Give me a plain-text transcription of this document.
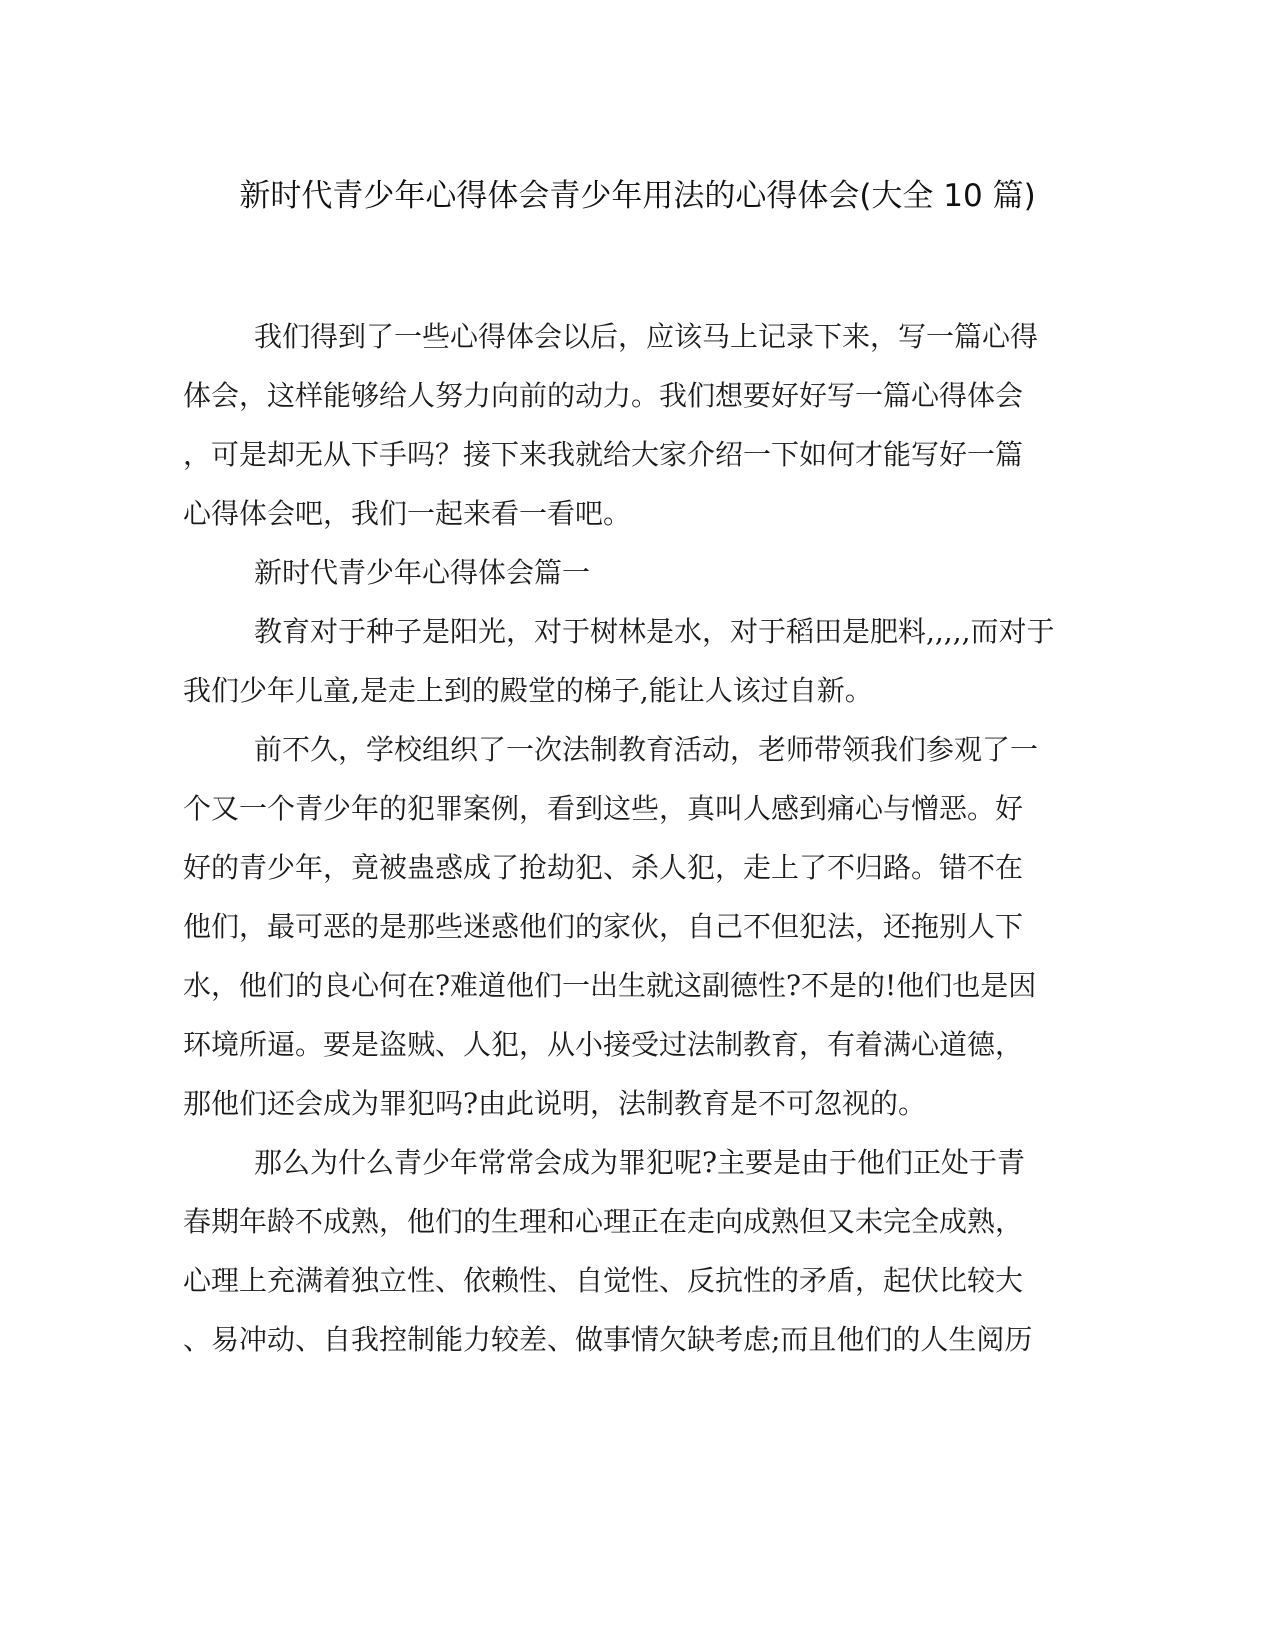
新时代青少年心得体会青少年用法的心得体会(大全 10 篇)
我们得到了一些心得体会以后，应该马上记录下来，写一篇心得
体会，这样能够给人努力向前的动力。我们想要好好写一篇心得体会
，可是却无从下手吗？接下来我就给大家介绍一下如何才能写好一篇
心得体会吧，我们一起来看一看吧。
新时代青少年心得体会篇一
教育对于种子是阳光，对于树林是水，对于稻田是肥料,,,,,而对于
我们少年儿童,是走上到的殿堂的梯子,能让人该过自新。
前不久，学校组织了一次法制教育活动，老师带领我们参观了一
个又一个青少年的犯罪案例，看到这些，真叫人感到痛心与憎恶。好
好的青少年，竟被蛊惑成了抢劫犯、杀人犯，走上了不归路。错不在
他们，最可恶的是那些迷惑他们的家伙，自己不但犯法，还拖别人下
水，他们的良心何在?难道他们一出生就这副德性?不是的!他们也是因
环境所逼。要是盗贼、人犯，从小接受过法制教育，有着满心道德，
那他们还会成为罪犯吗?由此说明，法制教育是不可忽视的。
那么为什么青少年常常会成为罪犯呢?主要是由于他们正处于青
春期年龄不成熟，他们的生理和心理正在走向成熟但又未完全成熟，
心理上充满着独立性、依赖性、自觉性、反抗性的矛盾，起伏比较大
、易冲动、自我控制能力较差、做事情欠缺考虑;而且他们的人生阅历
